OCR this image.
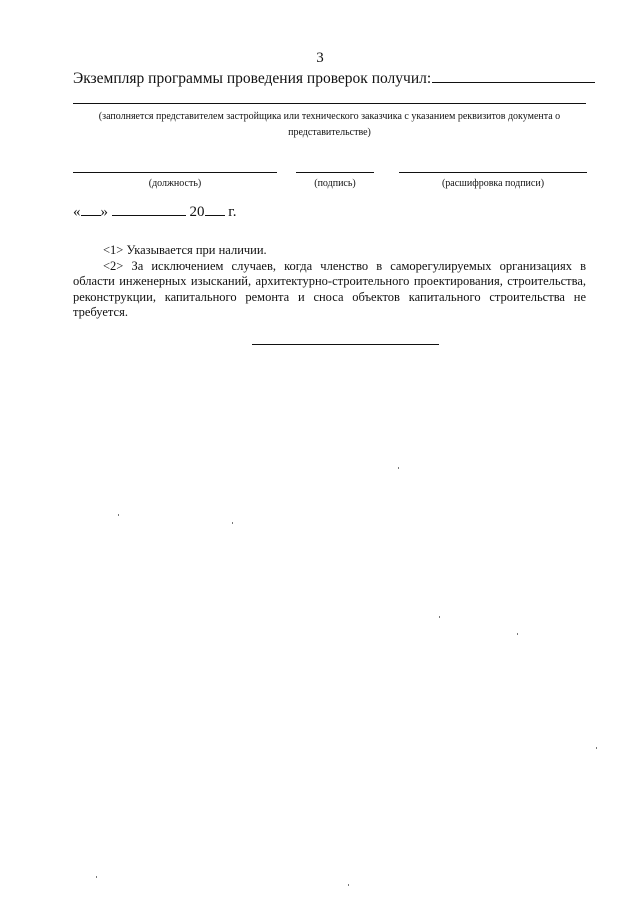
3
Экземпляр программы проведения проверок получил:
(заполняется представителем застройщика или технического заказчика с указанием реквизитов документа о представительстве)
(должность)	(подпись)	(расшифровка подписи)
« »	20 г.

<1> Указывается при наличии.

<2> За исключением случаев, когда членство в саморегулируемых организациях в области инженерных изысканий, архитектурно-строительного проектирования, строительства, реконструкции, капитального ремонта и сноса объектов капитального строительства не требуется.
